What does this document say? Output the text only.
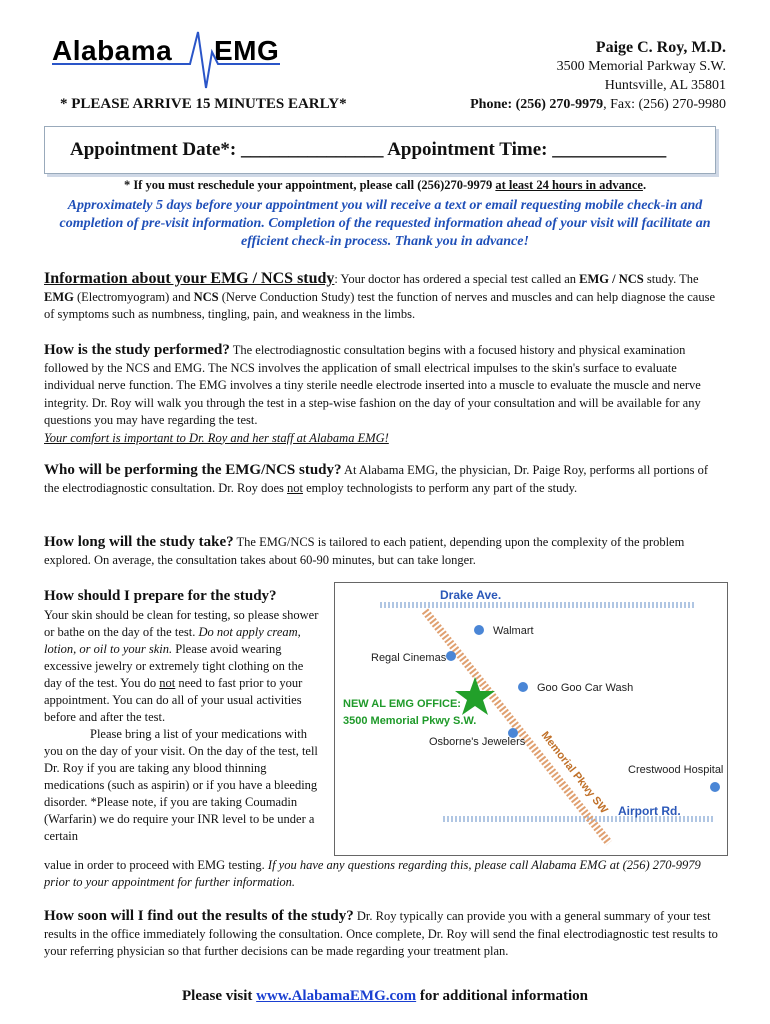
Alabama EMG
* PLEASE ARRIVE 15 MINUTES EARLY*
Paige C. Roy, M.D.
3500 Memorial Parkway S.W.
Huntsville, AL 35801
Phone: (256) 270-9979, Fax: (256) 270-9980
Appointment Date*: _______________ Appointment Time: ____________
* If you must reschedule your appointment, please call (256)270-9979 at least 24 hours in advance.
Approximately 5 days before your appointment you will receive a text or email requesting mobile check-in and completion of pre-visit information. Completion of the requested information ahead of your visit will facilitate an efficient check-in process. Thank you in advance!
Information about your EMG / NCS study: Your doctor has ordered a special test called an EMG / NCS study. The EMG (Electromyogram) and NCS (Nerve Conduction Study) test the function of nerves and muscles and can help diagnose the cause of symptoms such as numbness, tingling, pain, and weakness in the limbs.
How is the study performed? The electrodiagnostic consultation begins with a focused history and physical examination followed by the NCS and EMG. The NCS involves the application of small electrical impulses to the skin's surface to evaluate individual nerve function. The EMG involves a tiny sterile needle electrode inserted into a muscle to evaluate the muscle and nerve integrity. Dr. Roy will walk you through the test in a step-wise fashion on the day of your consultation and will be available for any questions you may have regarding the test.
Your comfort is important to Dr. Roy and her staff at Alabama EMG!
Who will be performing the EMG/NCS study? At Alabama EMG, the physician, Dr. Paige Roy, performs all portions of the electrodiagnostic consultation. Dr. Roy does not employ technologists to perform any part of the study.
How long will the study take? The EMG/NCS is tailored to each patient, depending upon the complexity of the problem explored. On average, the consultation takes about 60-90 minutes, but can take longer.
How should I prepare for the study?
Your skin should be clean for testing, so please shower or bathe on the day of the test. Do not apply cream, lotion, or oil to your skin. Please avoid wearing excessive jewelry or extremely tight clothing on the day of the test. You do not need to fast prior to your appointment. You can do all of your usual activities before and after the test.
Please bring a list of your medications with you on the day of your visit. On the day of the test, tell Dr. Roy if you are taking any blood thinning medications (such as aspirin) or if you have a bleeding disorder. *Please note, if you are taking Coumadin (Warfarin) we do require your INR level to be under a certain
value in order to proceed with EMG testing. If you have any questions regarding this, please call Alabama EMG at (256) 270-9979 prior to your appointment for further information.
Drake Ave.
Airport Rd.
Memorial Pkwy SW
Walmart
Regal Cinemas
Goo Goo Car Wash
NEW AL EMG OFFICE:
3500 Memorial Pkwy S.W.
Osborne's Jewelers
Crestwood Hospital
How soon will I find out the results of the study? Dr. Roy typically can provide you with a general summary of your test results in the office immediately following the consultation. Once complete, Dr. Roy will send the final electrodiagnostic test results to your referring physician so that further decisions can be made regarding your treatment plan.
Please visit www.AlabamaEMG.com for additional information
